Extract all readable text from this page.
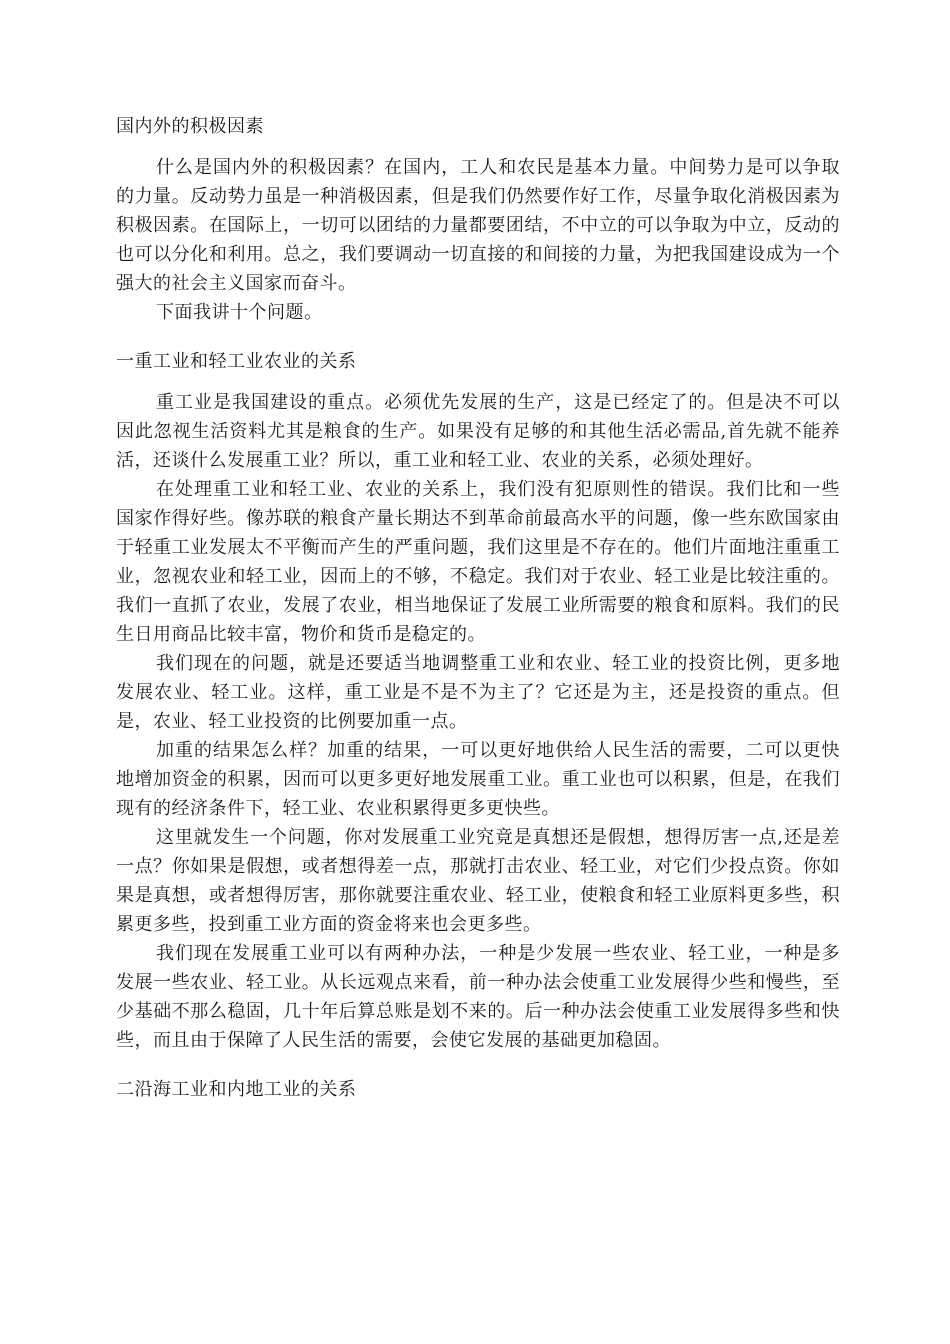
国内外的积极因素

什么是国内外的积极因素？在国内，工人和农民是基本力量。中间势力是可以争取的力量。反动势力虽是一种消极因素，但是我们仍然要作好工作，尽量争取化消极因素为积极因素。在国际上，一切可以团结的力量都要团结，不中立的可以争取为中立，反动的也可以分化和利用。总之，我们要调动一切直接的和间接的力量，为把我国建设成为一个强大的社会主义国家而奋斗。

下面我讲十个问题。

一重工业和轻工业农业的关系

重工业是我国建设的重点。必须优先发展的生产，这是已经定了的。但是决不可以因此忽视生活资料尤其是粮食的生产。如果没有足够的和其他生活必需品,首先就不能养活，还谈什么发展重工业？所以，重工业和轻工业、农业的关系，必须处理好。

在处理重工业和轻工业、农业的关系上，我们没有犯原则性的错误。我们比和一些国家作得好些。像苏联的粮食产量长期达不到革命前最高水平的问题，像一些东欧国家由于轻重工业发展太不平衡而产生的严重问题，我们这里是不存在的。他们片面地注重重工业，忽视农业和轻工业，因而上的不够，不稳定。我们对于农业、轻工业是比较注重的。我们一直抓了农业，发展了农业，相当地保证了发展工业所需要的粮食和原料。我们的民生日用商品比较丰富，物价和货币是稳定的。

我们现在的问题，就是还要适当地调整重工业和农业、轻工业的投资比例，更多地发展农业、轻工业。这样，重工业是不是不为主了？它还是为主，还是投资的重点。但是，农业、轻工业投资的比例要加重一点。

加重的结果怎么样？加重的结果，一可以更好地供给人民生活的需要，二可以更快地增加资金的积累，因而可以更多更好地发展重工业。重工业也可以积累，但是，在我们现有的经济条件下，轻工业、农业积累得更多更快些。

这里就发生一个问题，你对发展重工业究竟是真想还是假想，想得厉害一点,还是差一点？你如果是假想，或者想得差一点，那就打击农业、轻工业，对它们少投点资。你如果是真想，或者想得厉害，那你就要注重农业、轻工业，使粮食和轻工业原料更多些，积累更多些，投到重工业方面的资金将来也会更多些。

我们现在发展重工业可以有两种办法，一种是少发展一些农业、轻工业，一种是多发展一些农业、轻工业。从长远观点来看，前一种办法会使重工业发展得少些和慢些，至少基础不那么稳固，几十年后算总账是划不来的。后一种办法会使重工业发展得多些和快些，而且由于保障了人民生活的需要，会使它发展的基础更加稳固。

二沿海工业和内地工业的关系
